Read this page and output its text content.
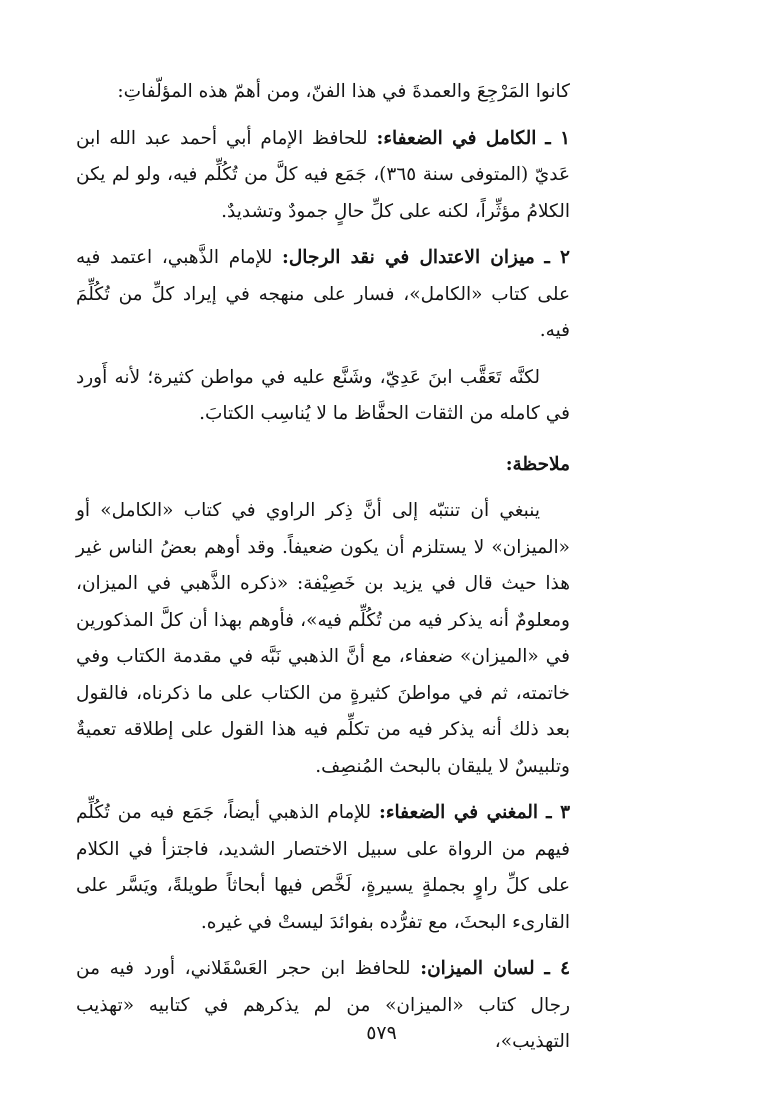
كانوا المَرْجِعَ والعمدةَ في هذا الفنّ، ومن أهمّ هذه المؤلّفاتِ:

١ ـ الكامل في الضعفاء: للحافظ الإمام أبي أحمد عبد الله ابن عَديّ (المتوفى سنة ٣٦٥)، جَمَع فيه كلَّ من تُكُلِّم فيه، ولو لم يكن الكلامُ مؤثِّراً، لكنه على كلِّ حالٍ جمودٌ وتشديدٌ.

٢ ـ ميزان الاعتدال في نقد الرجال: للإمام الذَّهبي، اعتمد فيه على كتاب «الكامل»، فسار على منهجه في إيراد كلِّ من تُكُلِّمَ فيه.

لكنَّه تَعَقَّب ابنَ عَدِيّ، وشَنَّع عليه في مواطن كثيرة؛ لأنه أَورد في كامله من الثقات الحفَّاظ ما لا يُناسِب الكتابَ.

ملاحظة:

ينبغي أن تنتبّه إلى أنَّ ذِكر الراوي في كتاب «الكامل» أو «الميزان» لا يستلزم أن يكون ضعيفاً. وقد أوهم بعضُ الناس غير هذا حيث قال في يزيد بن خَصِيْفة: «ذكره الذَّهبي في الميزان، ومعلومٌ أنه يذكر فيه من تُكُلِّم فيه»، فأوهم بهذا أن كلَّ المذكورين في «الميزان» ضعفاء، مع أنَّ الذهبي نَبَّه في مقدمة الكتاب وفي خاتمته، ثم في مواطنَ كثيرةٍ من الكتاب على ما ذكرناه، فالقول بعد ذلك أنه يذكر فيه من تكلِّم فيه هذا القول على إطلاقه تعميةٌ وتلبيسٌ لا يليقان بالبحث المُنصِف.

٣ ـ المغني في الضعفاء: للإمام الذهبي أيضاً، جَمَع فيه من تُكُلِّم فيهم من الرواة على سبيل الاختصار الشديد، فاجتزأ في الكلام على كلِّ راوٍ بجملةٍ يسيرةٍ، لَخَّص فيها أبحاثاً طويلةً، ويَسَّر على القارىء البحثَ، مع تفرُّده بفوائدَ ليستْ في غيره.

٤ ـ لسان الميزان: للحافظ ابن حجر العَسْقَلاني، أورد فيه من رجال كتاب «الميزان» من لم يذكرهم في كتابيه «تهذيب التهذيب»،

٥٧٩
